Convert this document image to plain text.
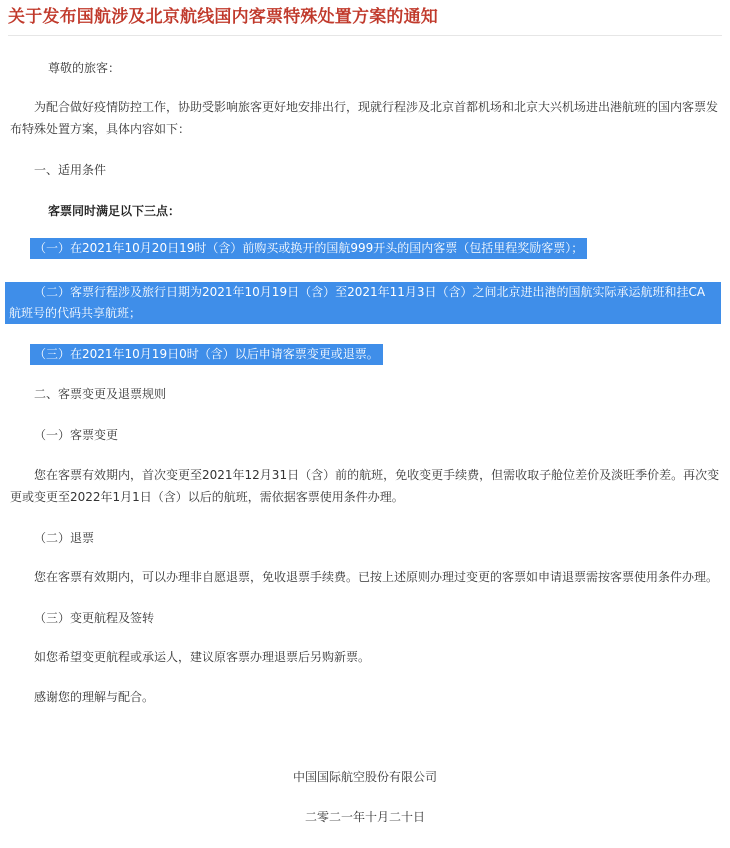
关于发布国航涉及北京航线国内客票特殊处置方案的通知
尊敬的旅客：
为配合做好疫情防控工作，协助受影响旅客更好地安排出行，现就行程涉及北京首都机场和北京大兴机场进出港航班的国内客票发布特殊处置方案，具体内容如下：
一、适用条件
客票同时满足以下三点：
（一）在2021年10月20日19时（含）前购买或换开的国航999开头的国内客票（包括里程奖励客票）；
（二）客票行程涉及旅行日期为2021年10月19日（含）至2021年11月3日（含）之间北京进出港的国航实际承运航班和挂CA航班号的代码共享航班；
（三）在2021年10月19日0时（含）以后申请客票变更或退票。
二、客票变更及退票规则
（一）客票变更
您在客票有效期内，首次变更至2021年12月31日（含）前的航班，免收变更手续费，但需收取子舱位差价及淡旺季价差。再次变更或变更至2022年1月1日（含）以后的航班，需依据客票使用条件办理。
（二）退票
您在客票有效期内，可以办理非自愿退票，免收退票手续费。已按上述原则办理过变更的客票如申请退票需按客票使用条件办理。
（三）变更航程及签转
如您希望变更航程或承运人，建议原客票办理退票后另购新票。
感谢您的理解与配合。
中国国际航空股份有限公司
二零二一年十月二十日
